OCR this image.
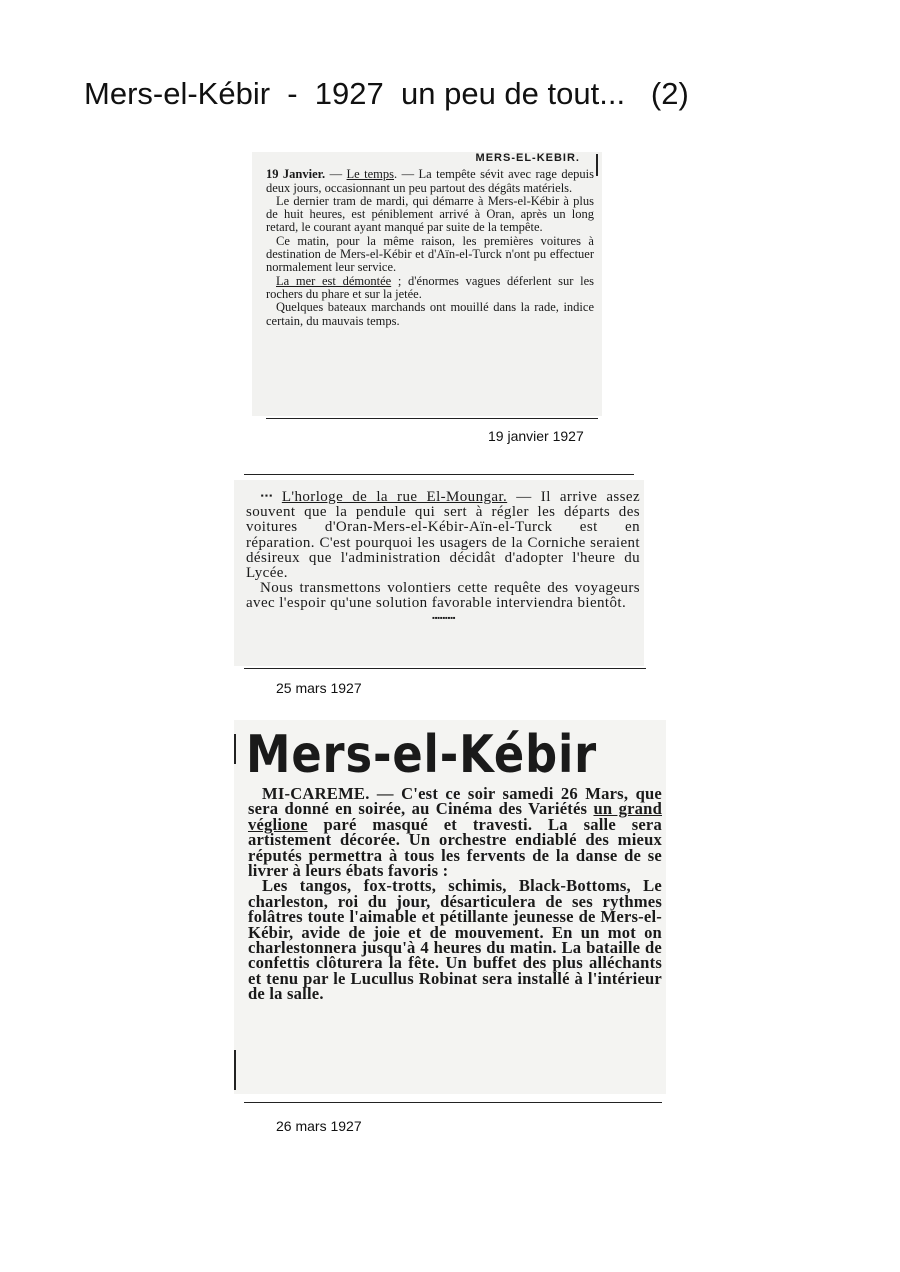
Mers-el-Kébir  -  1927  un peu de tout...   (2)
MERS-EL-KEBIR.

19 Janvier. — Le temps. — La tempête sévit avec rage depuis deux jours, occasionnant un peu partout des dégâts matériels.

Le dernier tram de mardi, qui démarre à Mers-el-Kébir à plus de huit heures, est péniblement arrivé à Oran, après un long retard, le courant ayant manqué par suite de la tempête.

Ce matin, pour la même raison, les premières voitures à destination de Mers-el-Kébir et d'Aïn-el-Turck n'ont pu effectuer normalement leur service.

La mer est démontée ; d'énormes vagues déferlent sur les rochers du phare et sur la jetée.

Quelques bateaux marchands ont mouillé dans la rade, indice certain, du mauvais temps.

19 janvier 1927

ᐧᐧᐧ L'horloge de la rue El-Moungar. — Il arrive assez souvent que la pendule qui sert à régler les départs des voitures d'Oran-Mers-el-Kébir-Aïn-el-Turck est en réparation. C'est pourquoi les usagers de la Corniche seraient désireux que l'administration décidât d'adopter l'heure du Lycée.

Nous transmettons volontiers cette requête des voyageurs avec l'espoir qu'une solution favorable interviendra bientôt.

ᐧᐧᐧᐧᐧᐧᐧᐧᐧ
25 mars 1927
Mers-el-Kébir

MI-CAREME. — C'est ce soir samedi 26 Mars, que sera donné en soirée, au Cinéma des Variétés un grand véglione paré masqué et travesti. La salle sera artistement décorée. Un orchestre endiablé des mieux réputés permettra à tous les fervents de la danse de se livrer à leurs ébats favoris :

Les tangos, fox-trotts, schimis, Black-Bottoms, Le charleston, roi du jour, désarticulera de ses rythmes folâtres toute l'aimable et pétillante jeunesse de Mers-el-Kébir, avide de joie et de mouvement. En un mot on charlestonnera jusqu'à 4 heures du matin. La bataille de confettis clôturera la fête. Un buffet des plus alléchants et tenu par le Lucullus Robinat sera installé à l'intérieur de la salle.

26 mars 1927
